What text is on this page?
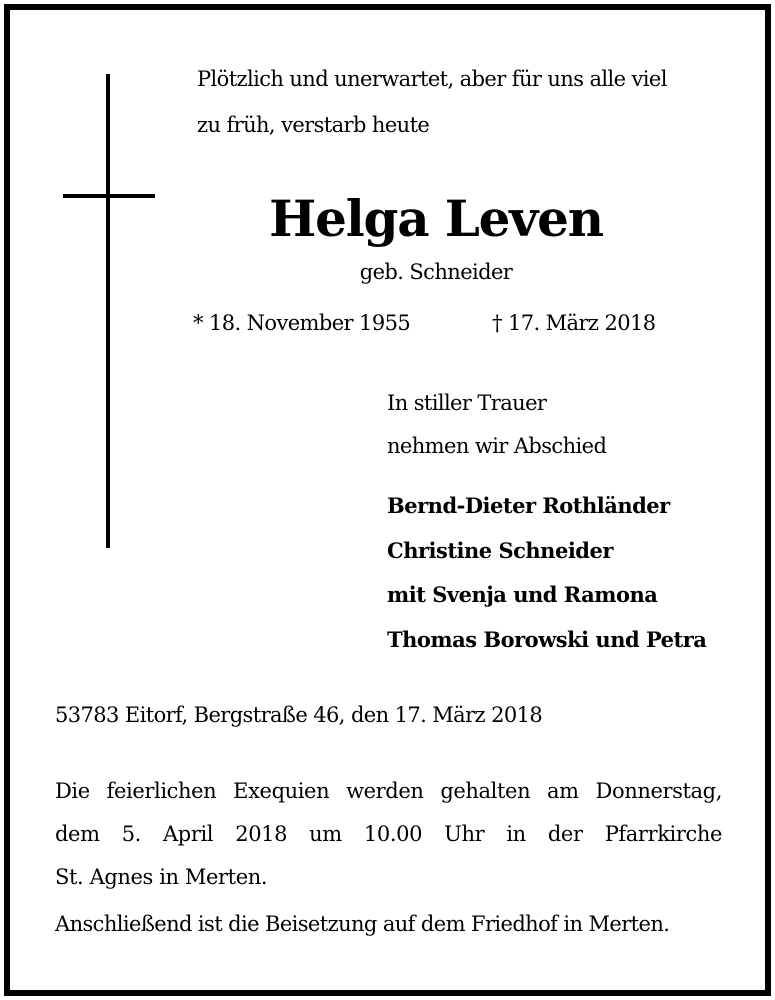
Plötzlich und unerwartet, aber für uns alle viel
zu früh, verstarb heute
Helga Leven
geb. Schneider
* 18. November 1955	† 17. März 2018
In stiller Trauer
nehmen wir Abschied
Bernd-Dieter Rothländer
Christine Schneider
mit Svenja und Ramona
Thomas Borowski und Petra
53783 Eitorf, Bergstraße 46, den 17. März 2018
Die feierlichen Exequien werden gehalten am Donnerstag,
dem 5. April 2018 um 10.00 Uhr in der Pfarrkirche
St. Agnes in Merten.
Anschließend ist die Beisetzung auf dem Friedhof in Merten.
